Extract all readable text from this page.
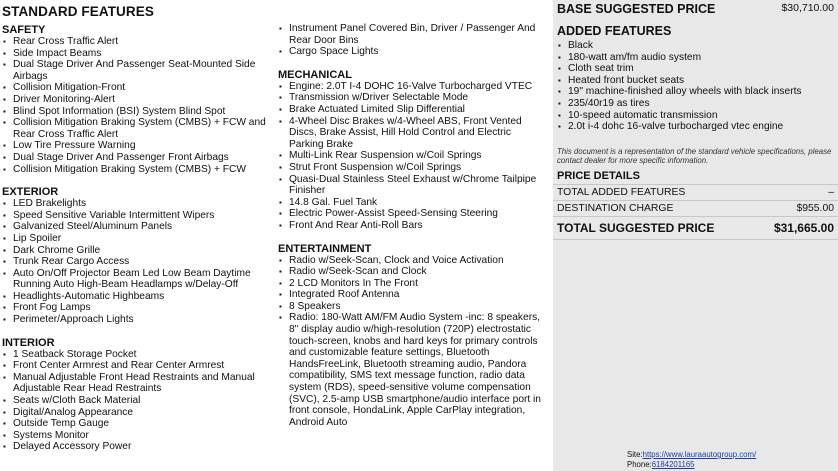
STANDARD FEATURES
SAFETY
▪ Rear Cross Traffic Alert
▪ Side Impact Beams
▪ Dual Stage Driver And Passenger Seat-Mounted Side Airbags
▪ Collision Mitigation-Front
▪ Driver Monitoring-Alert
▪ Blind Spot Information (BSI) System Blind Spot
▪ Collision Mitigation Braking System (CMBS) + FCW and Rear Cross Traffic Alert
▪ Low Tire Pressure Warning
▪ Dual Stage Driver And Passenger Front Airbags
▪ Collision Mitigation Braking System (CMBS) + FCW
EXTERIOR
▪ LED Brakelights
▪ Speed Sensitive Variable Intermittent Wipers
▪ Galvanized Steel/Aluminum Panels
▪ Lip Spoiler
▪ Dark Chrome Grille
▪ Trunk Rear Cargo Access
▪ Auto On/Off Projector Beam Led Low Beam Daytime Running Auto High-Beam Headlamps w/Delay-Off
▪ Headlights-Automatic Highbeams
▪ Front Fog Lamps
▪ Perimeter/Approach Lights
INTERIOR
▪ 1 Seatback Storage Pocket
▪ Front Center Armrest and Rear Center Armrest
▪ Manual Adjustable Front Head Restraints and Manual Adjustable Rear Head Restraints
▪ Seats w/Cloth Back Material
▪ Digital/Analog Appearance
▪ Outside Temp Gauge
▪ Systems Monitor
▪ Delayed Accessory Power
▪ Instrument Panel Covered Bin, Driver / Passenger And Rear Door Bins
▪ Cargo Space Lights
MECHANICAL
▪ Engine: 2.0T I-4 DOHC 16-Valve Turbocharged VTEC
▪ Transmission w/Driver Selectable Mode
▪ Brake Actuated Limited Slip Differential
▪ 4-Wheel Disc Brakes w/4-Wheel ABS, Front Vented Discs, Brake Assist, Hill Hold Control and Electric Parking Brake
▪ Multi-Link Rear Suspension w/Coil Springs
▪ Strut Front Suspension w/Coil Springs
▪ Quasi-Dual Stainless Steel Exhaust w/Chrome Tailpipe Finisher
▪ 14.8 Gal. Fuel Tank
▪ Electric Power-Assist Speed-Sensing Steering
▪ Front And Rear Anti-Roll Bars
ENTERTAINMENT
▪ Radio w/Seek-Scan, Clock and Voice Activation
▪ Radio w/Seek-Scan and Clock
▪ 2 LCD Monitors In The Front
▪ Integrated Roof Antenna
▪ 8 Speakers
▪ Radio: 180-Watt AM/FM Audio System -inc: 8 speakers, 8" display audio w/high-resolution (720P) electrostatic touch-screen, knobs and hard keys for primary controls and customizable feature settings, Bluetooth HandsFreeLink, Bluetooth streaming audio, Pandora compatibility, SMS text message function, radio data system (RDS), speed-sensitive volume compensation (SVC), 2.5-amp USB smartphone/audio interface port in front console, HondaLink, Apple CarPlay integration, Android Auto
BASE SUGGESTED PRICE	$30,710.00
ADDED FEATURES
▪ Black
▪ 180-watt am/fm audio system
▪ Cloth seat trim
▪ Heated front bucket seats
▪ 19" machine-finished alloy wheels with black inserts
▪ 235/40r19 as tires
▪ 10-speed automatic transmission
▪ 2.0t i-4 dohc 16-valve turbocharged vtec engine
This document is a representation of the standard vehicle specifications, please contact dealer for more specific information.
PRICE DETAILS
TOTAL ADDED FEATURES	–
DESTINATION CHARGE	$955.00
TOTAL SUGGESTED PRICE	$31,665.00
Site:https://www.lauraautogroup.com/
Phone:6184201165
